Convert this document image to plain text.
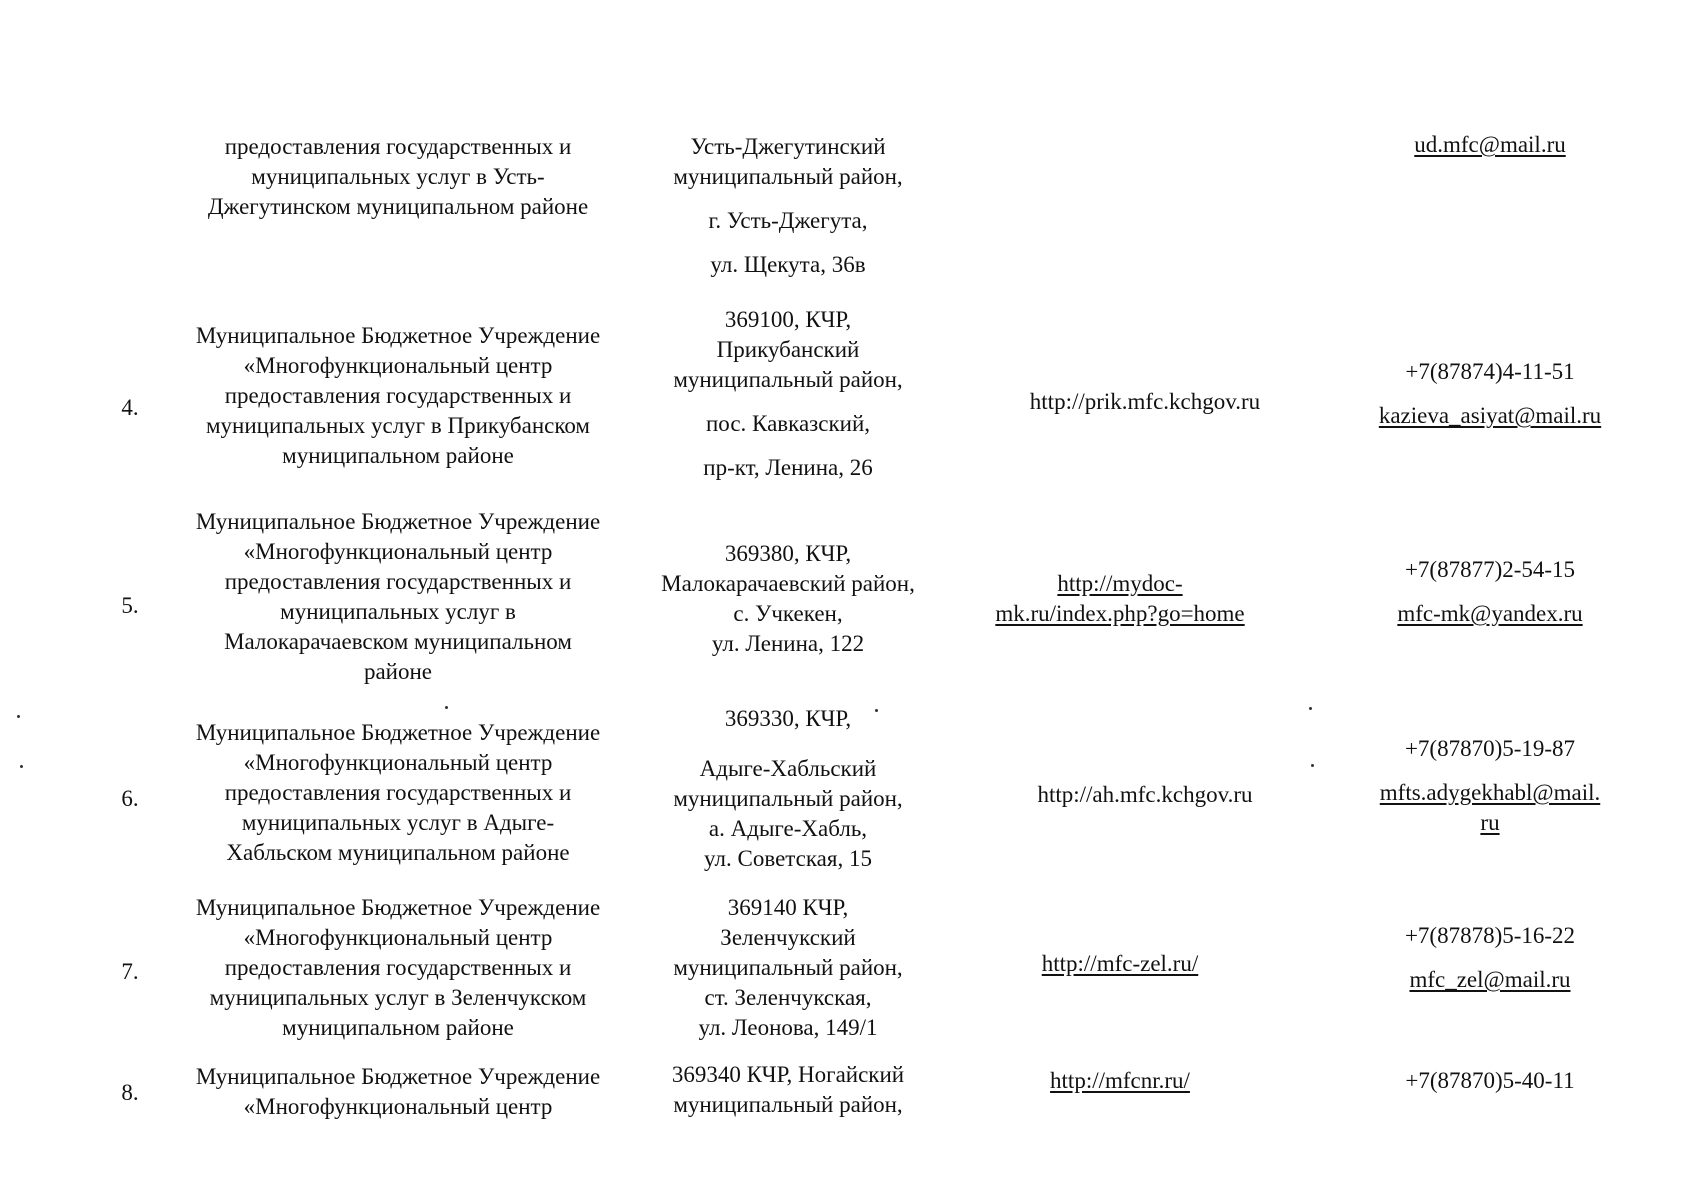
предоставления государственных и
муниципальных услуг в Усть-
Джегутинском муниципальном районе
Усть-Джегутинский
муниципальный район,
г. Усть-Джегута,
ул. Щекута, 36в
ud.mfc@mail.ru
4.
Муниципальное Бюджетное Учреждение
«Многофункциональный центр
предоставления государственных и
муниципальных услуг в Прикубанском
муниципальном районе
369100, КЧР,
Прикубанский
муниципальный район,
пос. Кавказский,
пр-кт, Ленина, 26
http://prik.mfc.kchgov.ru
+7(87874)4-11-51
kazieva_asiyat@mail.ru
5.
Муниципальное Бюджетное Учреждение
«Многофункциональный центр
предоставления государственных и
муниципальных услуг в
Малокарачаевском муниципальном
районе
369380, КЧР,
Малокарачаевский район,
с. Учкекен,
ул. Ленина, 122
http://mydoc-
mk.ru/index.php?go=home
+7(87877)2-54-15
mfc-mk@yandex.ru
6.
Муниципальное Бюджетное Учреждение
«Многофункциональный центр
предоставления государственных и
муниципальных услуг в Адыге-
Хабльском муниципальном районе
369330, КЧР,
Адыге-Хабльский
муниципальный район,
а. Адыге-Хабль,
ул. Советская, 15
http://ah.mfc.kchgov.ru
+7(87870)5-19-87
mfts.adygekhabl@mail.
ru
7.
Муниципальное Бюджетное Учреждение
«Многофункциональный центр
предоставления государственных и
муниципальных услуг в Зеленчукском
муниципальном районе
369140 КЧР,
Зеленчукский
муниципальный район,
ст. Зеленчукская,
ул. Леонова, 149/1
http://mfc-zel.ru/
+7(87878)5-16-22
mfc_zel@mail.ru
8.
Муниципальное Бюджетное Учреждение
«Многофункциональный центр
369340 КЧР, Ногайский
муниципальный район,
http://mfcnr.ru/	+7(87870)5-40-11
